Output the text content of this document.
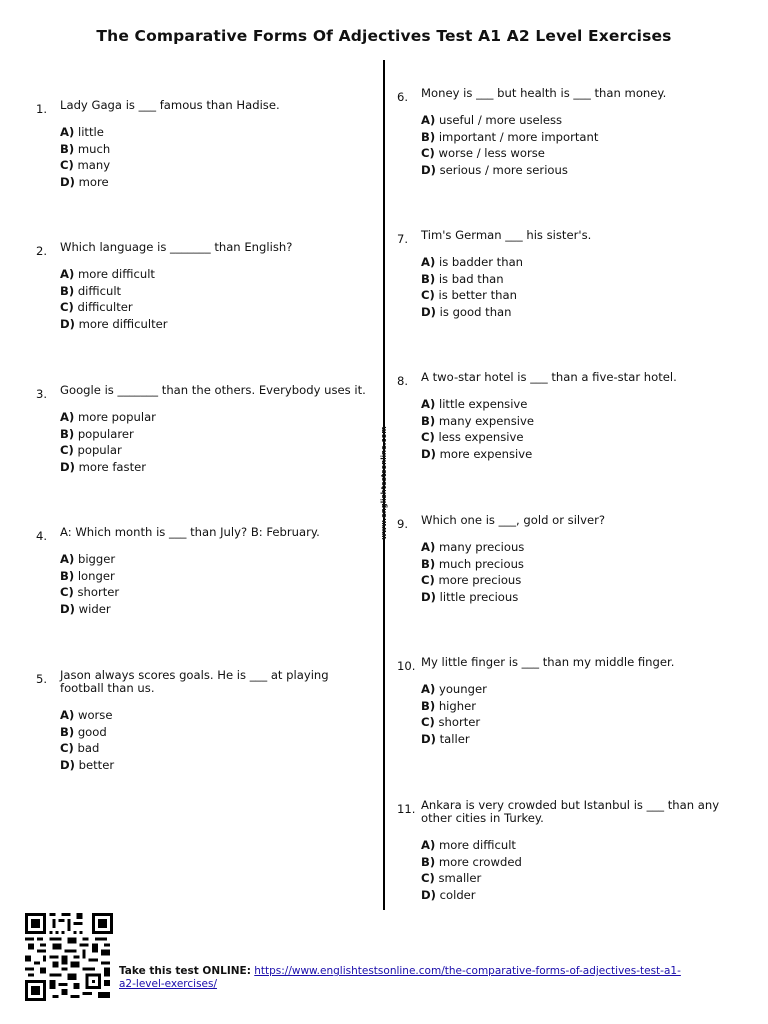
The Comparative Forms Of Adjectives Test A1 A2 Level Exercises
www.englishtestsonline.com
1. Lady Gaga is ___ famous than Hadise.
A) little
B) much
C) many
D) more
2. Which language is _______ than English?
A) more difficult
B) difficult
C) difficulter
D) more difficulter
3. Google is _______ than the others. Everybody uses it.
A) more popular
B) popularer
C) popular
D) more faster
4. A: Which month is ___ than July? B: February.
A) bigger
B) longer
C) shorter
D) wider
5. Jason always scores goals. He is ___ at playing football than us.
A) worse
B) good
C) bad
D) better
6. Money is ___ but health is ___ than money.
A) useful / more useless
B) important / more important
C) worse / less worse
D) serious / more serious
7. Tim's German ___ his sister's.
A) is badder than
B) is bad than
C) is better than
D) is good than
8. A two-star hotel is ___ than a five-star hotel.
A) little expensive
B) many expensive
C) less expensive
D) more expensive
9. Which one is ___, gold or silver?
A) many precious
B) much precious
C) more precious
D) little precious
10. My little finger is ___ than my middle finger.
A) younger
B) higher
C) shorter
D) taller
11. Ankara is very crowded but Istanbul is ___ than any other cities in Turkey.
A) more difficult
B) more crowded
C) smaller
D) colder
Take this test ONLINE: https://www.englishtestsonline.com/the-comparative-forms-of-adjectives-test-a1-a2-level-exercises/
